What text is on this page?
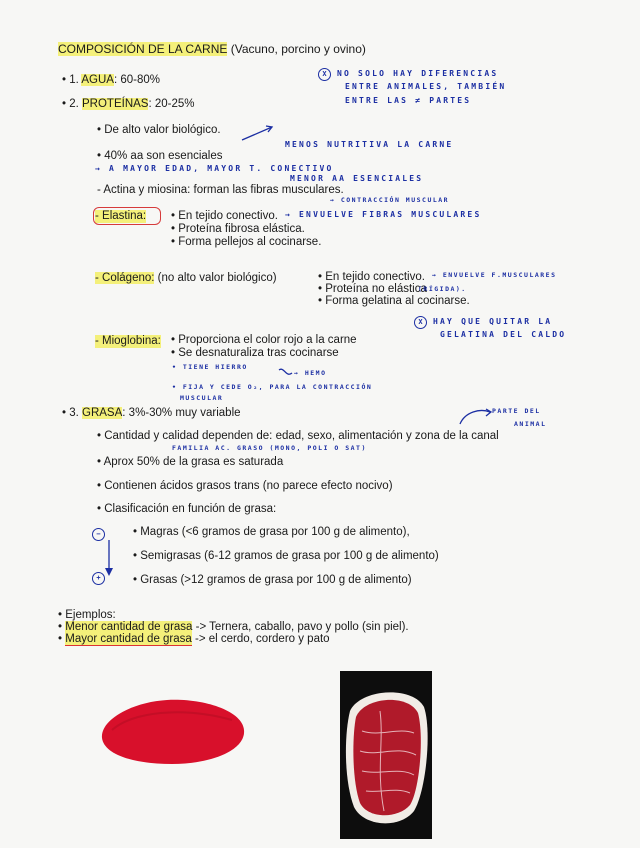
COMPOSICIÓN DE LA CARNE (Vacuno, porcino y ovino)
• 1. AGUA: 60-80%	X NO SOLO HAY DIFERENCIAS
ENTRE ANIMALES, TAMBIÉN
ENTRE LAS ≠ PARTES
• 2. PROTEÍNAS: 20-25%
• De alto valor biológico.
• 40% aa son esenciales
MENOS NUTRITIVA LA CARNE
→ A MAYOR EDAD, MAYOR T. CONECTIVO
MENOR AA ESENCIALES
- Actina y miosina: forman las fibras musculares.
→ CONTRACCIÓN MUSCULAR
- Elastina: • En tejido conectivo.
• Proteína fibrosa elástica.
• Forma pellejos al cocinarse.
→ ENVUELVE FIBRAS MUSCULARES
- Colágeno: (no alto valor biológico)	• En tejido conectivo.
• Proteína no elástica
• Forma gelatina al cocinarse.
→ ENVUELVE F.MUSCULARES
(RÍGIDA).
X HAY QUE QUITAR LA
GELATINA DEL CALDO
- Mioglobina: • Proporciona el color rojo a la carne
• Se desnaturaliza tras cocinarse
• TIENE HIERRO
→ HEMO
• FIJA Y CEDE O₂, PARA LA CONTRACCIÓN
MUSCULAR
• 3. GRASA: 3%-30% muy variable	PARTE DEL
ANIMAL
• Cantidad y calidad dependen de: edad, sexo, alimentación y zona de la canal
FAMILIA AC. GRASO (MONO, POLI O SAT)
• Aprox 50% de la grasa es saturada
• Contienen ácidos grasos trans (no parece efecto nocivo)
• Clasificación en función de grasa:
−
+
• Magras (<6 gramos de grasa por 100 g de alimento),
• Semigrasas (6-12 gramos de grasa por 100 g de alimento)
• Grasas (>12 gramos de grasa por 100 g de alimento)
• Ejemplos:
• Menor cantidad de grasa -> Ternera, caballo, pavo y pollo (sin piel).
• Mayor cantidad de grasa -> el cerdo, cordero y pato
